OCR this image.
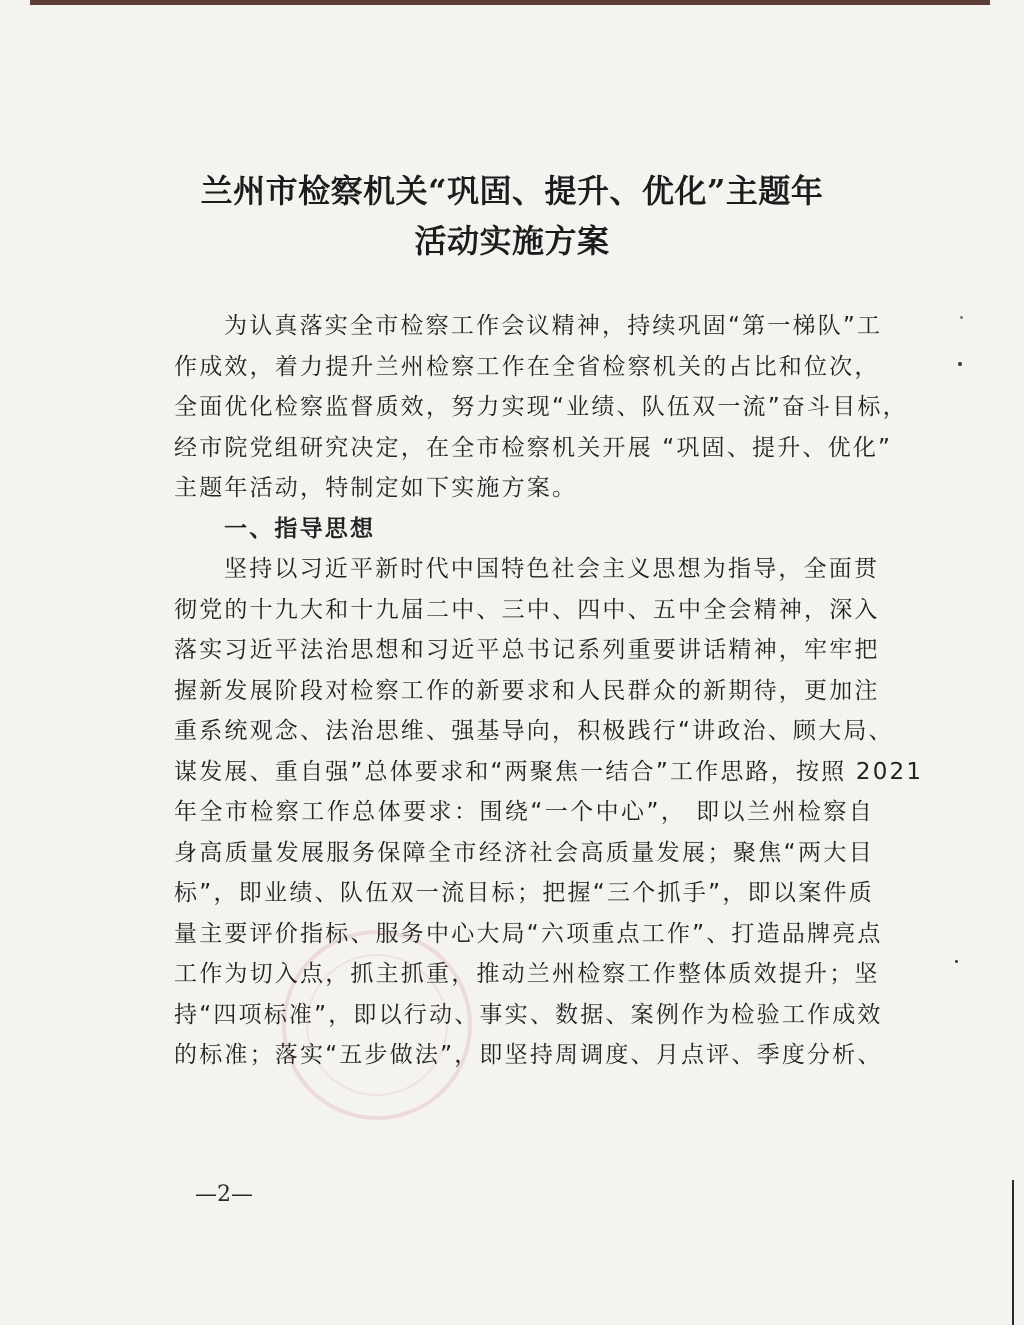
兰州市检察机关“巩固、提升、优化”主题年
活动实施方案
为认真落实全市检察工作会议精神，持续巩固“第一梯队”工
作成效，着力提升兰州检察工作在全省检察机关的占比和位次，
全面优化检察监督质效，努力实现“业绩、队伍双一流”奋斗目标，
经市院党组研究决定，在全市检察机关开展 “巩固、提升、优化”
主题年活动，特制定如下实施方案。
一、指导思想
坚持以习近平新时代中国特色社会主义思想为指导，全面贯
彻党的十九大和十九届二中、三中、四中、五中全会精神，深入
落实习近平法治思想和习近平总书记系列重要讲话精神，牢牢把
握新发展阶段对检察工作的新要求和人民群众的新期待，更加注
重系统观念、法治思维、强基导向，积极践行“讲政治、顾大局、
谋发展、重自强”总体要求和“两聚焦一结合”工作思路，按照 2021
年全市检察工作总体要求：围绕“一个中心”， 即以兰州检察自
身高质量发展服务保障全市经济社会高质量发展；聚焦“两大目
标”，即业绩、队伍双一流目标；把握“三个抓手”，即以案件质
量主要评价指标、服务中心大局“六项重点工作”、打造品牌亮点
工作为切入点，抓主抓重，推动兰州检察工作整体质效提升；坚
持“四项标准”，即以行动、事实、数据、案例作为检验工作成效
的标准；落实“五步做法”，即坚持周调度、月点评、季度分析、
—2—
